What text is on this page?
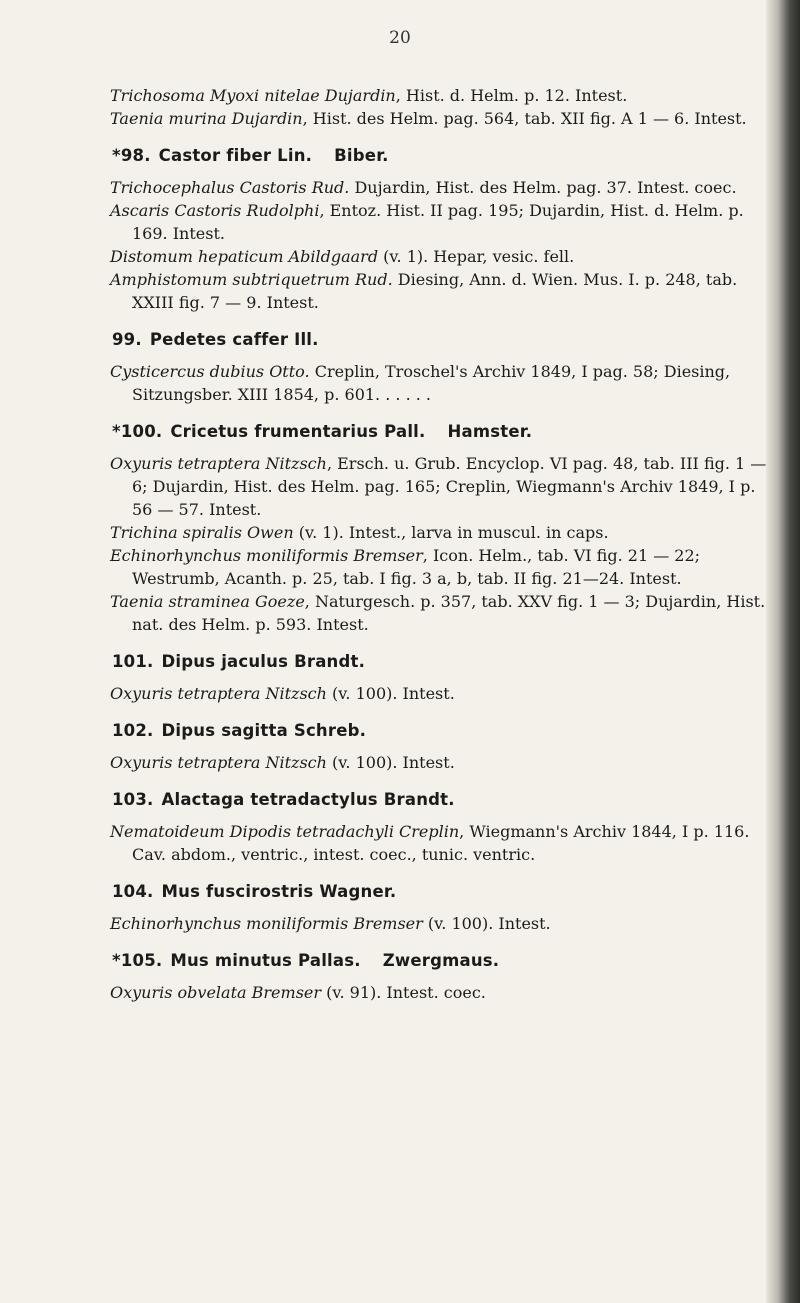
20

Trichosoma Myoxi nitelae Dujardin, Hist. d. Helm. p. 12. Intest.

Taenia murina Dujardin, Hist. des Helm. pag. 564, tab. XII fig. A 1 — 6. Intest.

*98. Castor fiber Lin. Biber.

Trichocephalus Castoris Rud. Dujardin, Hist. des Helm. pag. 37. Intest. coec.

Ascaris Castoris Rudolphi, Entoz. Hist. II pag. 195; Dujardin, Hist. d. Helm. p. 169. Intest.

Distomum hepaticum Abildgaard (v. 1). Hepar, vesic. fell.

Amphistomum subtriquetrum Rud. Diesing, Ann. d. Wien. Mus. I. p. 248, tab. XXIII fig. 7 — 9. Intest.

99. Pedetes caffer Ill.

Cysticercus dubius Otto. Creplin, Troschel's Archiv 1849, I pag. 58; Diesing, Sitzungsber. XIII 1854, p. 601. . . . . .

*100. Cricetus frumentarius Pall. Hamster.

Oxyuris tetraptera Nitzsch, Ersch. u. Grub. Encyclop. VI pag. 48, tab. III fig. 1 — 6; Dujardin, Hist. des Helm. pag. 165; Creplin, Wiegmann's Archiv 1849, I p. 56 — 57. Intest.

Trichina spiralis Owen (v. 1). Intest., larva in muscul. in caps.

Echinorhynchus moniliformis Bremser, Icon. Helm., tab. VI fig. 21 — 22; Westrumb, Acanth. p. 25, tab. I fig. 3 a, b, tab. II fig. 21—24. Intest.

Taenia straminea Goeze, Naturgesch. p. 357, tab. XXV fig. 1 — 3; Dujardin, Hist. nat. des Helm. p. 593. Intest.

101. Dipus jaculus Brandt.

Oxyuris tetraptera Nitzsch (v. 100). Intest.

102. Dipus sagitta Schreb.

Oxyuris tetraptera Nitzsch (v. 100). Intest.

103. Alactaga tetradactylus Brandt.

Nematoideum Dipodis tetradachyli Creplin, Wiegmann's Archiv 1844, I p. 116. Cav. abdom., ventric., intest. coec., tunic. ventric.

104. Mus fuscirostris Wagner.

Echinorhynchus moniliformis Bremser (v. 100). Intest.

*105. Mus minutus Pallas. Zwergmaus.

Oxyuris obvelata Bremser (v. 91). Intest. coec.
